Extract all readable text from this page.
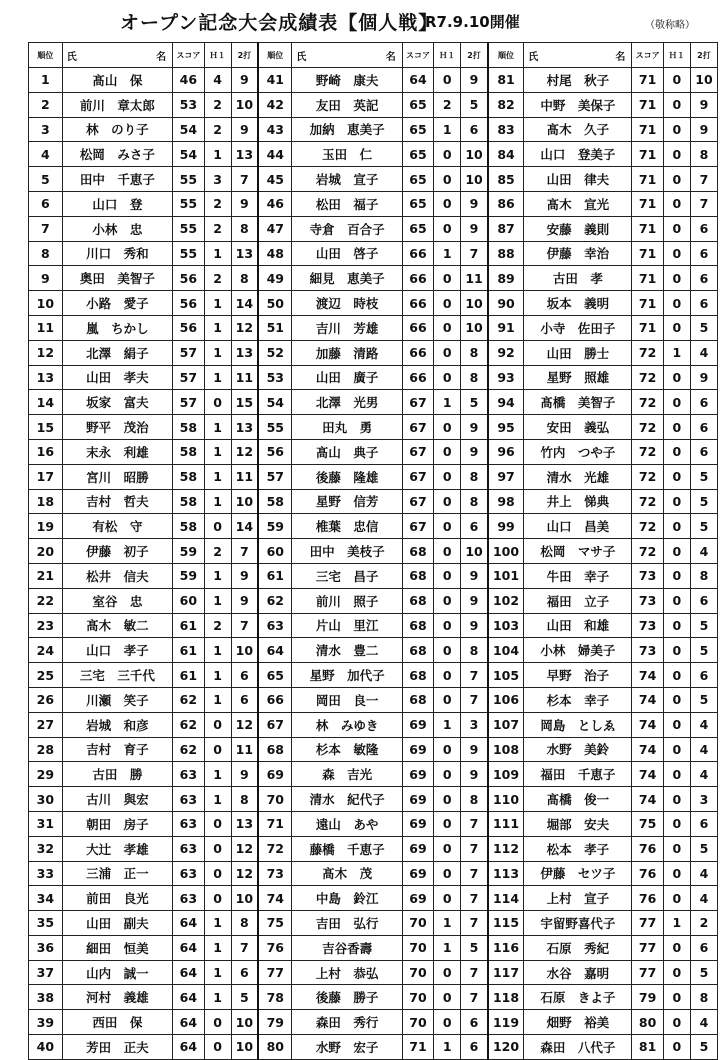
オープン記念大会成績表【個人戦】
R7.9.10開催	（敬称略）
順位	氏 名	スコア	Ｈ１	2打	順位	氏 名	スコア	Ｈ１	2打	順位	氏 名	スコア	Ｈ１	2打
1	髙山　保	46	4	9	41	野崎　康夫	64	0	9	81	村尾　秋子	71	0	10
2	前川　章太郎	53	2	10	42	友田　英記	65	2	5	82	中野　美保子	71	0	9
3	林　のり子	54	2	9	43	加納　恵美子	65	1	6	83	髙木　久子	71	0	9
4	松岡　みさ子	54	1	13	44	玉田　仁	65	0	10	84	山口　登美子	71	0	8
5	田中　千恵子	55	3	7	45	岩城　宣子	65	0	10	85	山田　律夫	71	0	7
6	山口　登	55	2	9	46	松田　福子	65	0	9	86	髙木　宣光	71	0	7
7	小林　忠	55	2	8	47	寺倉　百合子	65	0	9	87	安藤　義則	71	0	6
8	川口　秀和	55	1	13	48	山田　啓子	66	1	7	88	伊藤　幸治	71	0	6
9	奥田　美智子	56	2	8	49	細見　恵美子	66	0	11	89	古田　孝	71	0	6
10	小路　愛子	56	1	14	50	渡辺　時枝	66	0	10	90	坂本　義明	71	0	6
11	嵐　ちかし	56	1	12	51	吉川　芳雄	66	0	10	91	小寺　佐田子	71	0	5
12	北澤　絹子	57	1	13	52	加藤　清路	66	0	8	92	山田　勝士	72	1	4
13	山田　孝夫	57	1	11	53	山田　廣子	66	0	8	93	星野　照雄	72	0	9
14	坂家　富夫	57	0	15	54	北澤　光男	67	1	5	94	髙橋　美智子	72	0	6
15	野平　茂治	58	1	13	55	田丸　勇	67	0	9	95	安田　義弘	72	0	6
16	末永　利雄	58	1	12	56	髙山　典子	67	0	9	96	竹内　つや子	72	0	6
17	宮川　昭勝	58	1	11	57	後藤　隆雄	67	0	8	97	清水　光雄	72	0	5
18	吉村　哲夫	58	1	10	58	星野　信芳	67	0	8	98	井上　悌典	72	0	5
19	有松　守	58	0	14	59	椎葉　忠信	67	0	6	99	山口　昌美	72	0	5
20	伊藤　初子	59	2	7	60	田中　美枝子	68	0	10	100	松岡　マサ子	72	0	4
21	松井　信夫	59	1	9	61	三宅　昌子	68	0	9	101	牛田　幸子	73	0	8
22	室谷　忠	60	1	9	62	前川　照子	68	0	9	102	福田　立子	73	0	6
23	髙木　敏二	61	2	7	63	片山　里江	68	0	9	103	山田　和雄	73	0	5
24	山口　孝子	61	1	10	64	清水　豊二	68	0	8	104	小林　婦美子	73	0	5
25	三宅　三千代	61	1	6	65	星野　加代子	68	0	7	105	早野　治子	74	0	6
26	川瀬　笑子	62	1	6	66	岡田　良一	68	0	7	106	杉本　幸子	74	0	5
27	岩城　和彦	62	0	12	67	林　みゆき	69	1	3	107	岡島　としゑ	74	0	4
28	吉村　育子	62	0	11	68	杉本　敏隆	69	0	9	108	水野　美鈴	74	0	4
29	古田　勝	63	1	9	69	森　吉光	69	0	9	109	福田　千恵子	74	0	4
30	古川　與宏	63	1	8	70	清水　紀代子	69	0	8	110	髙橋　俊一	74	0	3
31	朝田　房子	63	0	13	71	遠山　あや	69	0	7	111	堀部　安夫	75	0	6
32	大辻　孝雄	63	0	12	72	藤橋　千恵子	69	0	7	112	松本　孝子	76	0	5
33	三浦　正一	63	0	12	73	髙木　茂	69	0	7	113	伊藤　セツ子	76	0	4
34	前田　良光	63	0	10	74	中島　鈴江	69	0	7	114	上村　宣子	76	0	4
35	山田　副夫	64	1	8	75	吉田　弘行	70	1	7	115	宇留野喜代子	77	1	2
36	細田　恒美	64	1	7	76	吉谷香壽	70	1	5	116	石原　秀紀	77	0	6
37	山内　誠一	64	1	6	77	上村　恭弘	70	0	7	117	水谷　嘉明	77	0	5
38	河村　義雄	64	1	5	78	後藤　勝子	70	0	7	118	石原　きよ子	79	0	8
39	西田　保	64	0	10	79	森田　秀行	70	0	6	119	畑野　裕美	80	0	4
40	芳田　正夫	64	0	10	80	水野　宏子	71	1	6	120	森田　八代子	81	0	5
